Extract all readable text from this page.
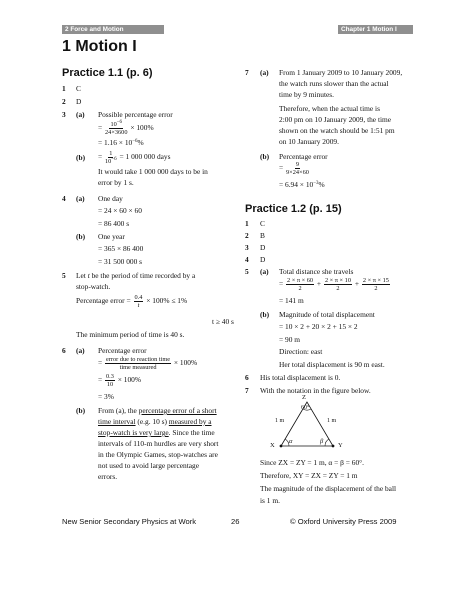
2 Force and Motion	Chapter 1 Motion I
1 Motion I
Practice 1.1 (p. 6)
1 C
2 D
3 (a) Possible percentage error
= $\frac{10^{-6}}{24\times 3600} \times 100\%$
= $1.16 \times 10^{-6}\%$
$(b) = \frac{1}{10^{-6}} = 1$ 000 000 days
It would take 1 000 000 days to be in
error by 1 s.
4 (a) One day
= 24 × 60 × 60
= 86 400 s
(b) One year
= 365 × 86 400
= 31 500 000 s
5 Let t be the period of time recorded by a
stop-watch.
Percentage error = $\frac{0.4}{t} \times 100\% \le 1\%$
t ≥ 40 s
The minimum period of time is 40 s.
6 (a) Percentage error
= $\frac{\text{error due to reaction time}}{\text{time measured}} \times 100\%$
= $\frac{0.3}{10} \times 100\%$
= 3%
(b) From (a), the percentage error of a short
time interval (e.g. 10 s) measured by a
stop-watch is very large. Since the time
intervals of 110-m hurdles are very short
in the Olympic Games, stop-watches are
not used to avoid large percentage
errors.
7 (a) From 1 January 2009 to 10 January 2009,
the watch runs slower than the actual
time by 9 minutes.
Therefore, when the actual time is
2:00 pm on 10 January 2009, the time
shown on the watch should be 1:51 pm
on 10 January 2009.
(b) Percentage error
= $\frac{9}{9\times 24\times 60}$
= $6.94 \times 10^{-3}\%$
Practice 1.2 (p. 15)
1 C
2 B
3 D
4 D
5 (a) Total distance she travels
= $\frac{2 \times \pi \times 60}{2} + \frac{2 \times \pi \times 10}{2} + \frac{2 \times \pi \times 15}{2}$
= 141 m
(b) Magnitude of total displacement
= 10 × 2 + 20 × 2 + 15 × 2
= 90 m
Direction: east
Her total displacement is 90 m east.
6 His total displacement is 0.
7 With the notation in the figure below.
Z
60°
1 m	1 m
X	Y
α	β
Since ZX = ZY = 1 m, α = β = 60°.
Therefore, XY = ZX = ZY = 1 m
The magnitude of the displacement of the ball
is 1 m.
New Senior Secondary Physics at Work	26	© Oxford University Press 2009
